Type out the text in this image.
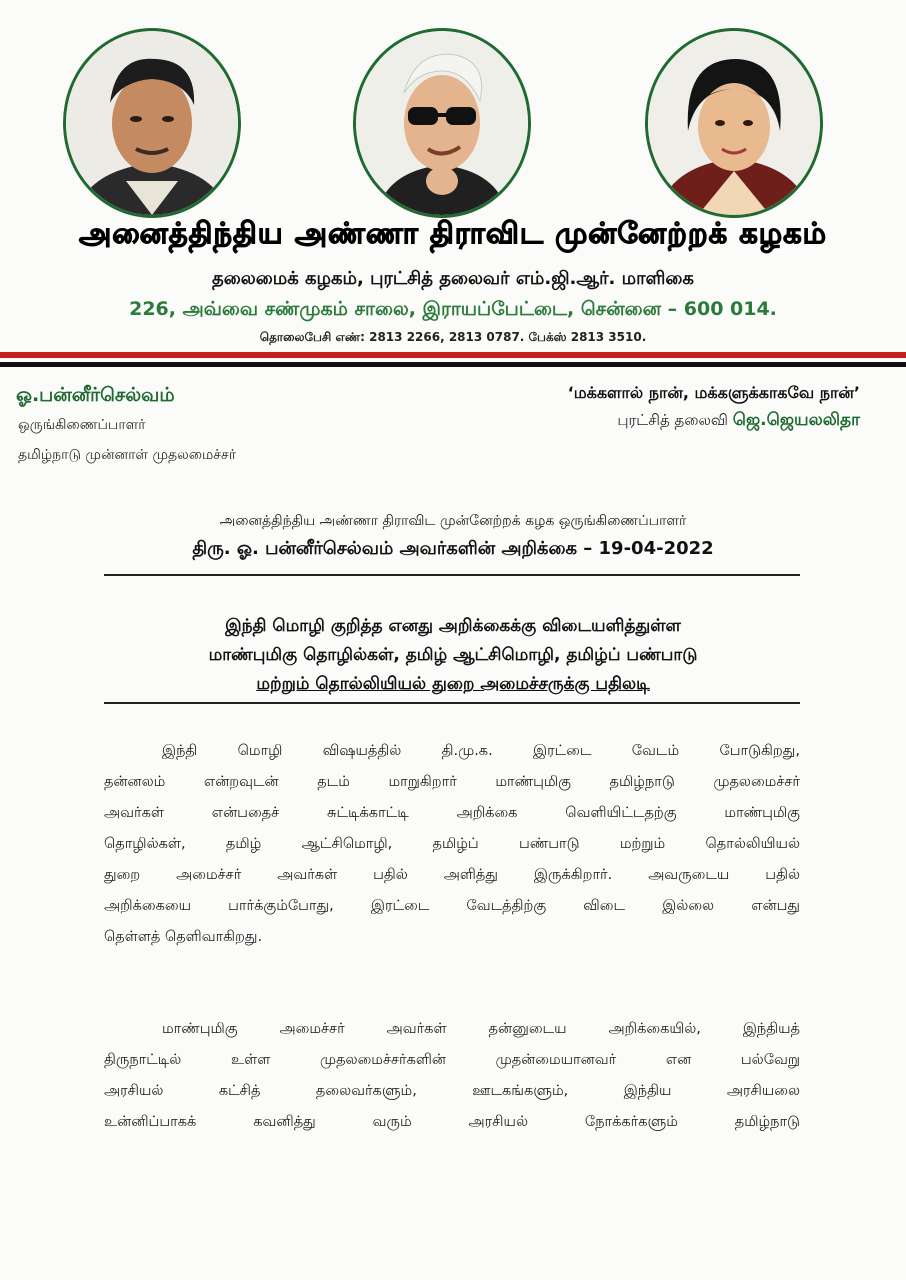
அனைத்திந்திய அண்ணா திராவிட முன்னேற்றக் கழகம்
தலைமைக் கழகம், புரட்சித் தலைவர் எம்.ஜி.ஆர். மாளிகை
226, அவ்வை சண்முகம் சாலை, இராயப்பேட்டை, சென்னை – 600 014.
தொலைபேசி எண்: 2813 2266, 2813 0787. பேக்ஸ் 2813 3510.
ஓ.பன்னீர்செல்வம்
ஒருங்கிணைப்பாளர்
தமிழ்நாடு முன்னாள் முதலமைச்சர்
‘மக்களால் நான், மக்களுக்காகவே நான்’
புரட்சித் தலைவி ஜெ.ஜெயலலிதா
அனைத்திந்திய அண்ணா திராவிட முன்னேற்றக் கழக ஒருங்கிணைப்பாளர்
திரு. ஓ. பன்னீர்செல்வம் அவர்களின் அறிக்கை – 19-04-2022
இந்தி மொழி குறித்த எனது அறிக்கைக்கு விடையளித்துள்ள
மாண்புமிகு தொழில்கள், தமிழ் ஆட்சிமொழி, தமிழ்ப் பண்பாடு
மற்றும் தொல்லியியல் துறை அமைச்சருக்கு பதிலடி
இந்தி மொழி விஷயத்தில் தி.மு.க. இரட்டை வேடம் போடுகிறது,
தன்னலம் என்றவுடன் தடம் மாறுகிறார் மாண்புமிகு தமிழ்நாடு முதலமைச்சர்
அவர்கள் என்பதைச் சுட்டிக்காட்டி அறிக்கை வெளியிட்டதற்கு மாண்புமிகு
தொழில்கள், தமிழ் ஆட்சிமொழி, தமிழ்ப் பண்பாடு மற்றும் தொல்லியியல்
துறை அமைச்சர் அவர்கள் பதில் அளித்து இருக்கிறார். அவருடைய பதில்
அறிக்கையை பார்க்கும்போது, இரட்டை வேடத்திற்கு விடை இல்லை என்பது
தெள்ளத் தெளிவாகிறது.
மாண்புமிகு அமைச்சர் அவர்கள் தன்னுடைய அறிக்கையில், இந்தியத்
திருநாட்டில் உள்ள முதலமைச்சர்களின் முதன்மையானவர் என பல்வேறு
அரசியல் கட்சித் தலைவர்களும், ஊடகங்களும், இந்திய அரசியலை
உன்னிப்பாகக் கவனித்து வரும் அரசியல் நோக்கர்களும் தமிழ்நாடு
